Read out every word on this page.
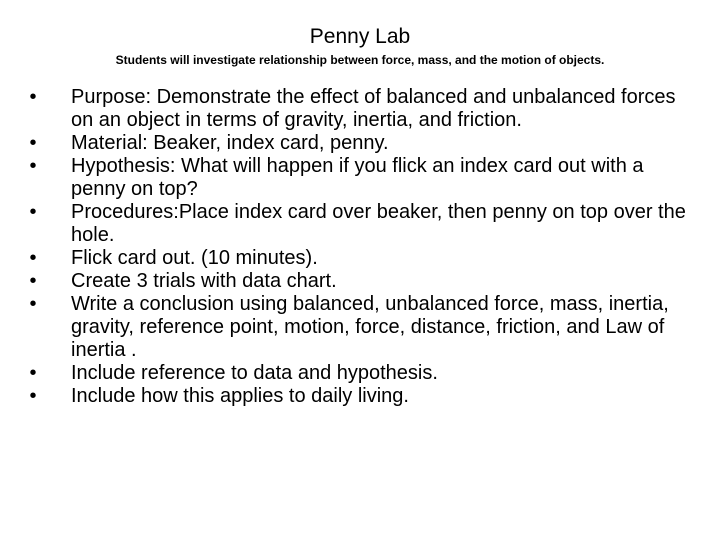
Penny Lab
Students will investigate relationship between force, mass, and the motion of objects.
• Purpose: Demonstrate the effect of balanced and unbalanced forces on an object in terms of gravity, inertia, and friction.
• Material: Beaker, index card, penny.
• Hypothesis: What will happen if you flick an index card out with a penny on top?
• Procedures:Place index card over beaker, then penny on top over the hole.
• Flick card out. (10 minutes).
• Create 3 trials with data chart.
• Write a conclusion using balanced, unbalanced force, mass, inertia, gravity, reference point, motion, force, distance, friction, and Law of inertia .
• Include reference to data and hypothesis.
• Include how this applies to daily living.
